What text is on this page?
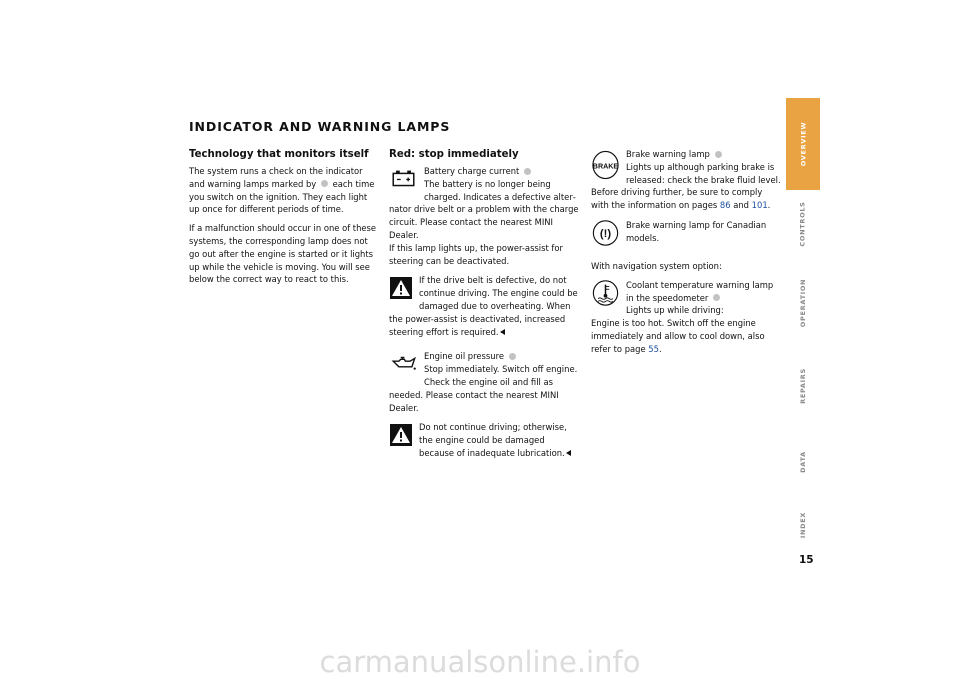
INDICATOR AND WARNING LAMPS
Technology that monitors itself

The system runs a check on the indicator and warning lamps marked by each time you switch on the ignition. They each light up once for different periods of time.

If a malfunction should occur in one of these systems, the corresponding lamp does not go out after the engine is started or it lights up while the vehicle is moving. You will see below the correct way to react to this.

Red: stop immediately
Battery charge current
The battery is no longer being charged. Indicates a defective alternator drive belt or a problem with the charge circuit. Please contact the nearest MINI Dealer.
If this lamp lights up, the power-assist for steering can be deactivated.
If the drive belt is defective, do not continue driving. The engine could be damaged due to overheating. When the power-assist is deactivated, increased steering effort is required.
Engine oil pressure
Stop immediately. Switch off engine. Check the engine oil and fill as needed. Please contact the nearest MINI Dealer.
Do not continue driving; otherwise, the engine could be damaged because of inadequate lubrication.
BRAKE
Brake warning lamp
Lights up although parking brake is released: check the brake fluid level. Before driving further, be sure to comply with the information on pages 86 and 101.
(!)
Brake warning lamp for Canadian models.

With navigation system option:

Coolant temperature warning lamp in the speedometer
Lights up while driving:
Engine is too hot. Switch off the engine immediately and allow to cool down, also refer to page 55.
OVERVIEW
CONTROLS
OPERATION
REPAIRS
DATA
INDEX
15
carmanualsonline.info
